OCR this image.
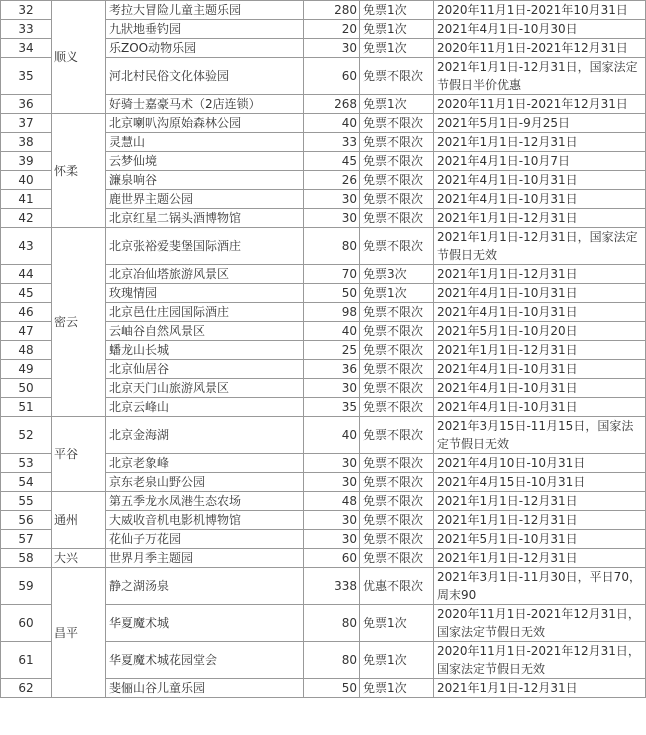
32	顺义	考拉大冒险儿童主题乐园	280	免票1次	2020年11月1日-2021年10月31日
33		九狀地垂钓园	20	免票1次	2021年4月1日-10月30日
34		乐ZOO动物乐园	30	免票1次	2020年11月1日-2021年12月31日
35		河北村民俗文化体验园	60	免票不限次	2021年1月1日-12月31日，国家法定节假日半价优惠
36		好骑士嘉豪马术（2店连锁）	268	免票1次	2020年11月1日-2021年12月31日
37	怀柔	北京喇叭沟原始森林公园	40	免票不限次	2021年5月1日-9月25日
38		灵慧山	33	免票不限次	2021年1月1日-12月31日
39		云梦仙境	45	免票不限次	2021年4月1日-10月7日
40		濂泉响谷	26	免票不限次	2021年4月1日-10月31日
41		鹿世界主题公园	30	免票不限次	2021年4月1日-10月31日
42		北京红星二锅头酒博物馆	30	免票不限次	2021年1月1日-12月31日
43	密云	北京张裕爱斐堡国际酒庄	80	免票不限次	2021年1月1日-12月31日，国家法定节假日无效
44		北京冶仙塔旅游风景区	70	免票3次	2021年1月1日-12月31日
45		玫瑰情园	50	免票1次	2021年4月1日-10月31日
46		北京邑仕庄园国际酒庄	98	免票不限次	2021年4月1日-10月31日
47		云岫谷自然风景区	40	免票不限次	2021年5月1日-10月20日
48		蟠龙山长城	25	免票不限次	2021年1月1日-12月31日
49		北京仙居谷	36	免票不限次	2021年4月1日-10月31日
50		北京天门山旅游风景区	30	免票不限次	2021年4月1日-10月31日
51		北京云峰山	35	免票不限次	2021年4月1日-10月31日
52	平谷	北京金海湖	40	免票不限次	2021年3月15日-11月15日，国家法定节假日无效
53		北京老象峰	30	免票不限次	2021年4月10日-10月31日
54		京东老泉山野公园	30	免票不限次	2021年4月15日-10月31日
55	通州	第五季龙水凤港生态农场	48	免票不限次	2021年1月1日-12月31日
56		大威收音机电影机博物馆	30	免票不限次	2021年1月1日-12月31日
57		花仙子万花园	30	免票不限次	2021年5月1日-10月31日
58	大兴	世界月季主题园	60	免票不限次	2021年1月1日-12月31日
59	昌平	静之湖汤泉	338	优惠不限次	2021年3月1日-11月30日，平日70，周末90
60		华夏魔术城	80	免票1次	2020年11月1日-2021年12月31日，国家法定节假日无效
61		华夏魔术城花园堂会	80	免票1次	2020年11月1日-2021年12月31日，国家法定节假日无效
62		斐俪山谷儿童乐园	50	免票1次	2021年1月1日-12月31日
